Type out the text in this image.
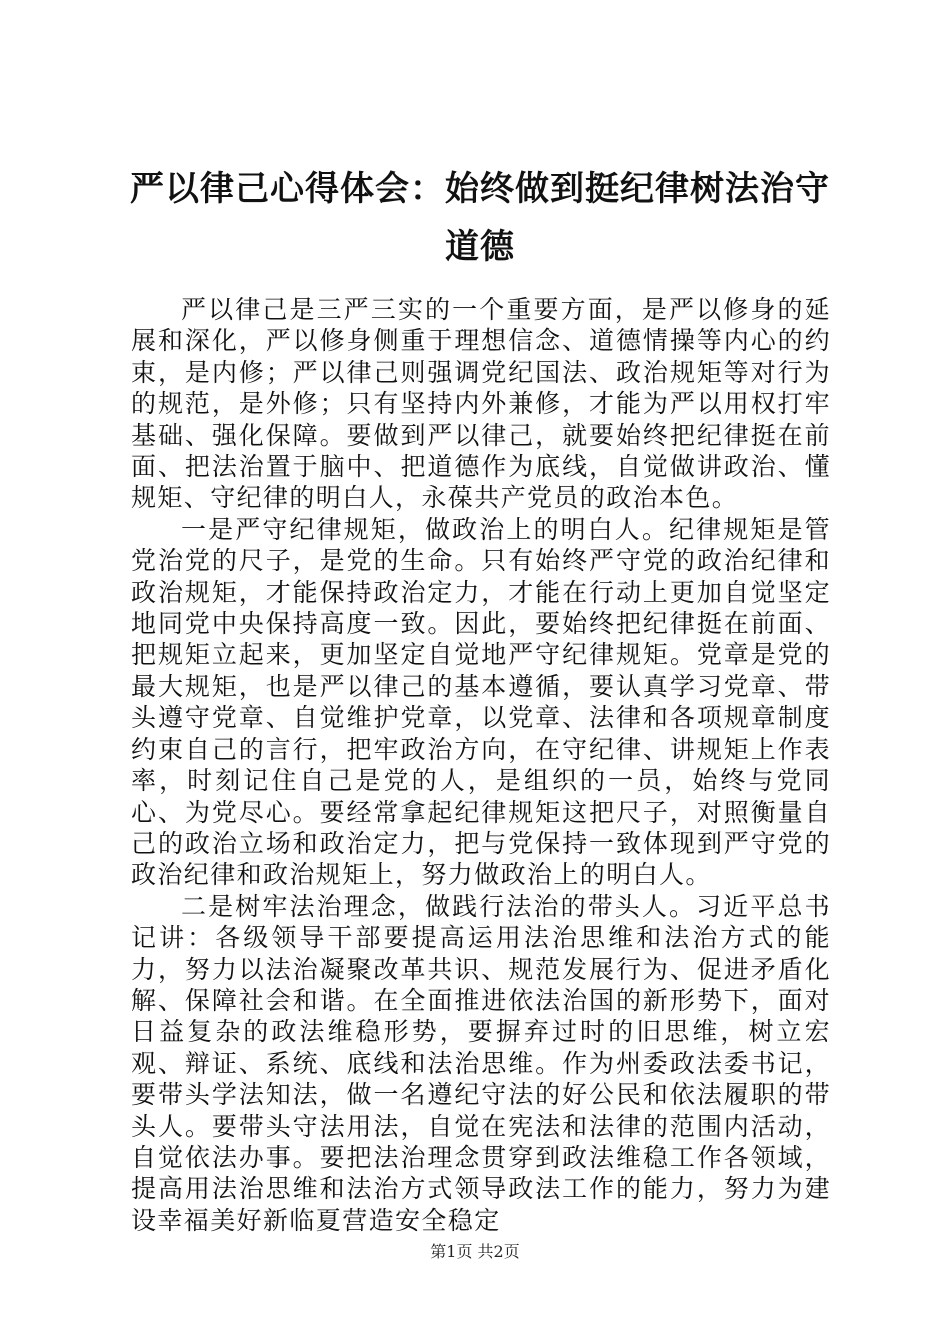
严以律己心得体会：始终做到挺纪律树法治守道德

严以律己是三严三实的一个重要方面，是严以修身的延展和深化，严以修身侧重于理想信念、道德情操等内心的约束，是内修；严以律己则强调党纪国法、政治规矩等对行为的规范，是外修；只有坚持内外兼修，才能为严以用权打牢基础、强化保障。要做到严以律己，就要始终把纪律挺在前面、把法治置于脑中、把道德作为底线，自觉做讲政治、懂规矩、守纪律的明白人，永葆共产党员的政治本色。

一是严守纪律规矩，做政治上的明白人。纪律规矩是管党治党的尺子，是党的生命。只有始终严守党的政治纪律和政治规矩，才能保持政治定力，才能在行动上更加自觉坚定地同党中央保持高度一致。因此，要始终把纪律挺在前面、把规矩立起来，更加坚定自觉地严守纪律规矩。党章是党的最大规矩，也是严以律己的基本遵循，要认真学习党章、带头遵守党章、自觉维护党章，以党章、法律和各项规章制度约束自己的言行，把牢政治方向，在守纪律、讲规矩上作表率，时刻记住自己是党的人，是组织的一员，始终与党同心、为党尽心。要经常拿起纪律规矩这把尺子，对照衡量自己的政治立场和政治定力，把与党保持一致体现到严守党的政治纪律和政治规矩上，努力做政治上的明白人。

二是树牢法治理念，做践行法治的带头人。习近平总书记讲：各级领导干部要提高运用法治思维和法治方式的能力，努力以法治凝聚改革共识、规范发展行为、促进矛盾化解、保障社会和谐。在全面推进依法治国的新形势下，面对日益复杂的政法维稳形势，要摒弃过时的旧思维，树立宏观、辩证、系统、底线和法治思维。作为州委政法委书记，要带头学法知法，做一名遵纪守法的好公民和依法履职的带头人。要带头守法用法，自觉在宪法和法律的范围内活动，自觉依法办事。要把法治理念贯穿到政法维稳工作各领域，提高用法治思维和法治方式领导政法工作的能力，努力为建设幸福美好新临夏营造安全稳定

第1页 共2页
